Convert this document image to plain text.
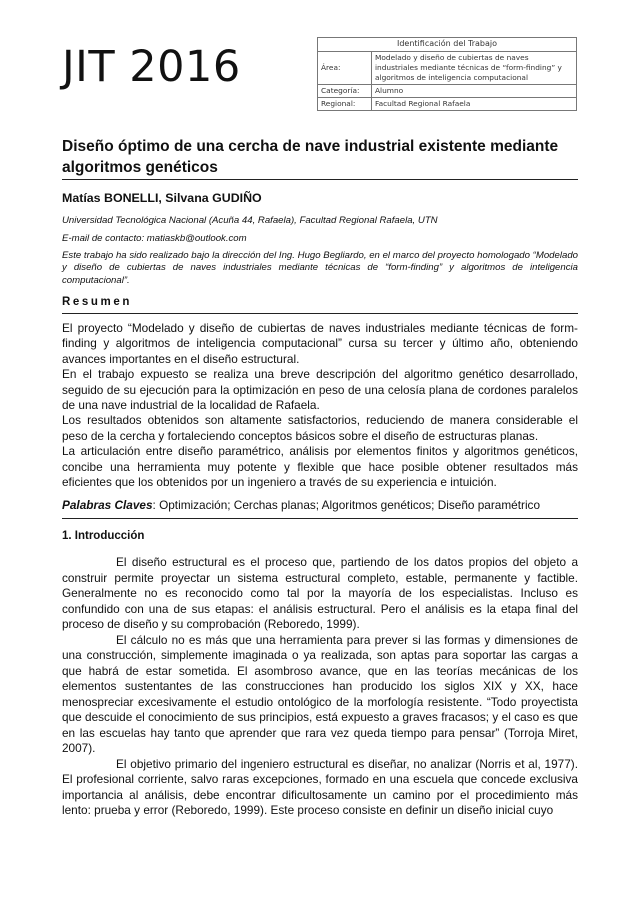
JIT 2016	Identificación del Trabajo	
Área:	Modelado y diseño de cubiertas de naves industriales mediante técnicas de “form-finding” y algoritmos de inteligencia computacional
Categoría:	Alumno
Regional:	Facultad Regional Rafaela
Diseño óptimo de una cercha de nave industrial existente mediante algoritmos genéticos
Matías BONELLI, Silvana GUDIÑO
Universidad Tecnológica Nacional (Acuña 44, Rafaela), Facultad Regional Rafaela, UTN
E-mail de contacto: matiaskb@outlook.com
Este trabajo ha sido realizado bajo la dirección del Ing. Hugo Begliardo, en el marco del proyecto homologado “Modelado y diseño de cubiertas de naves industriales mediante técnicas de “form-finding” y algoritmos de inteligencia computacional”.
Resumen

El proyecto “Modelado y diseño de cubiertas de naves industriales mediante técnicas de form-finding y algoritmos de inteligencia computacional” cursa su tercer y último año, obteniendo avances importantes en el diseño estructural.

En el trabajo expuesto se realiza una breve descripción del algoritmo genético desarrollado, seguido de su ejecución para la optimización en peso de una celosía plana de cordones paralelos de una nave industrial de la localidad de Rafaela.

Los resultados obtenidos son altamente satisfactorios, reduciendo de manera considerable el peso de la cercha y fortaleciendo conceptos básicos sobre el diseño de estructuras planas.

La articulación entre diseño paramétrico, análisis por elementos finitos y algoritmos genéticos, concibe una herramienta muy potente y flexible que hace posible obtener resultados más eficientes que los obtenidos por un ingeniero a través de su experiencia e intuición.

Palabras Claves: Optimización; Cerchas planas; Algoritmos genéticos; Diseño paramétrico
1. Introducción

El diseño estructural es el proceso que, partiendo de los datos propios del objeto a construir permite proyectar un sistema estructural completo, estable, permanente y factible. Generalmente no es reconocido como tal por la mayoría de los especialistas. Incluso es confundido con una de sus etapas: el análisis estructural. Pero el análisis es la etapa final del proceso de diseño y su comprobación (Reboredo, 1999).

El cálculo no es más que una herramienta para prever si las formas y dimensiones de una construcción, simplemente imaginada o ya realizada, son aptas para soportar las cargas a que habrá de estar sometida. El asombroso avance, que en las teorías mecánicas de los elementos sustentantes de las construcciones han producido los siglos XIX y XX, hace menospreciar excesivamente el estudio ontológico de la morfología resistente. “Todo proyectista que descuide el conocimiento de sus principios, está expuesto a graves fracasos; y el caso es que en las escuelas hay tanto que aprender que rara vez queda tiempo para pensar” (Torroja Miret, 2007).

El objetivo primario del ingeniero estructural es diseñar, no analizar (Norris et al, 1977). El profesional corriente, salvo raras excepciones, formado en una escuela que concede exclusiva importancia al análisis, debe encontrar dificultosamente un camino por el procedimiento más lento: prueba y error (Reboredo, 1999). Este proceso consiste en definir un diseño inicial cuyo
